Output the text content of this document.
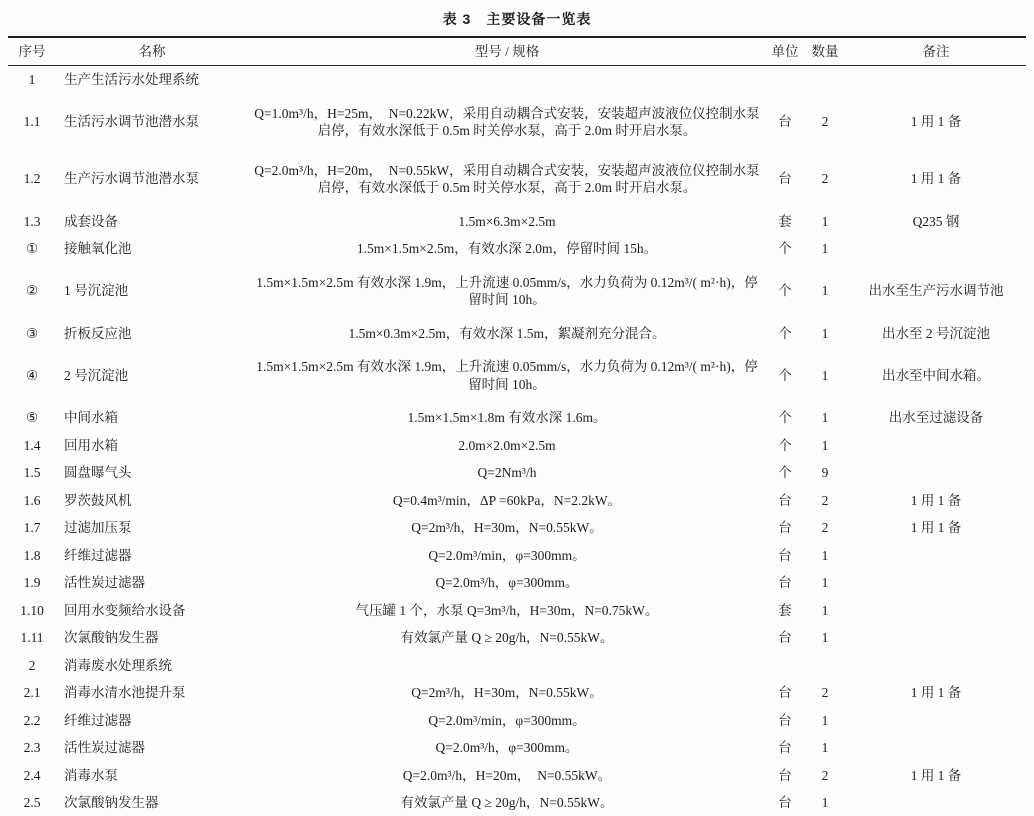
表 3　主要设备一览表
序号	名称	型号 / 规格	单位	数量	备注
1	生产生活污水处理系统				
1.1	生活污水调节池潜水泵	Q=1.0m³/h，H=25m， N=0.22kW，采用自动耦合式安装，安装超声波液位仪控制水泵启停，有效水深低于 0.5m 时关停水泵，高于 2.0m 时开启水泵。	台	2	1 用 1 备
1.2	生产污水调节池潜水泵	Q=2.0m³/h，H=20m， N=0.55kW，采用自动耦合式安装，安装超声波液位仪控制水泵启停，有效水深低于 0.5m 时关停水泵，高于 2.0m 时开启水泵。	台	2	1 用 1 备
1.3	成套设备	1.5m×6.3m×2.5m	套	1	Q235 钢
①	接触氧化池	1.5m×1.5m×2.5m，有效水深 2.0m，停留时间 15h。	个	1	
②	1 号沉淀池	1.5m×1.5m×2.5m 有效水深 1.9m，上升流速 0.05mm/s，水力负荷为 0.12m³/( m²·h)，停留时间 10h。	个	1	出水至生产污水调节池
③	折板反应池	1.5m×0.3m×2.5m，有效水深 1.5m，絮凝剂充分混合。	个	1	出水至 2 号沉淀池
④	2 号沉淀池	1.5m×1.5m×2.5m 有效水深 1.9m，上升流速 0.05mm/s，水力负荷为 0.12m³/( m²·h)，停留时间 10h。	个	1	出水至中间水箱。
⑤	中间水箱	1.5m×1.5m×1.8m 有效水深 1.6m。	个	1	出水至过滤设备
1.4	回用水箱	2.0m×2.0m×2.5m	个	1	
1.5	圆盘曝气头	Q=2Nm³/h	个	9	
1.6	罗茨鼓风机	Q=0.4m³/min，ΔP =60kPa，N=2.2kW。	台	2	1 用 1 备
1.7	过滤加压泵	Q=2m³/h，H=30m，N=0.55kW。	台	2	1 用 1 备
1.8	纤维过滤器	Q=2.0m³/min，φ=300mm。	台	1	
1.9	活性炭过滤器	Q=2.0m³/h，φ=300mm。	台	1	
1.10	回用水变频给水设备	气压罐 1 个，水泵 Q=3m³/h，H=30m，N=0.75kW。	套	1	
1.11	次氯酸钠发生器	有效氯产量 Q ≥ 20g/h，N=0.55kW。	台	1	
2	消毒废水处理系统				
2.1	消毒水清水池提升泵	Q=2m³/h，H=30m，N=0.55kW。	台	2	1 用 1 备
2.2	纤维过滤器	Q=2.0m³/min，φ=300mm。	台	1	
2.3	活性炭过滤器	Q=2.0m³/h，φ=300mm。	台	1	
2.4	消毒水泵	Q=2.0m³/h，H=20m， N=0.55kW。	台	2	1 用 1 备
2.5	次氯酸钠发生器	有效氯产量 Q ≥ 20g/h，N=0.55kW。	台	1	
